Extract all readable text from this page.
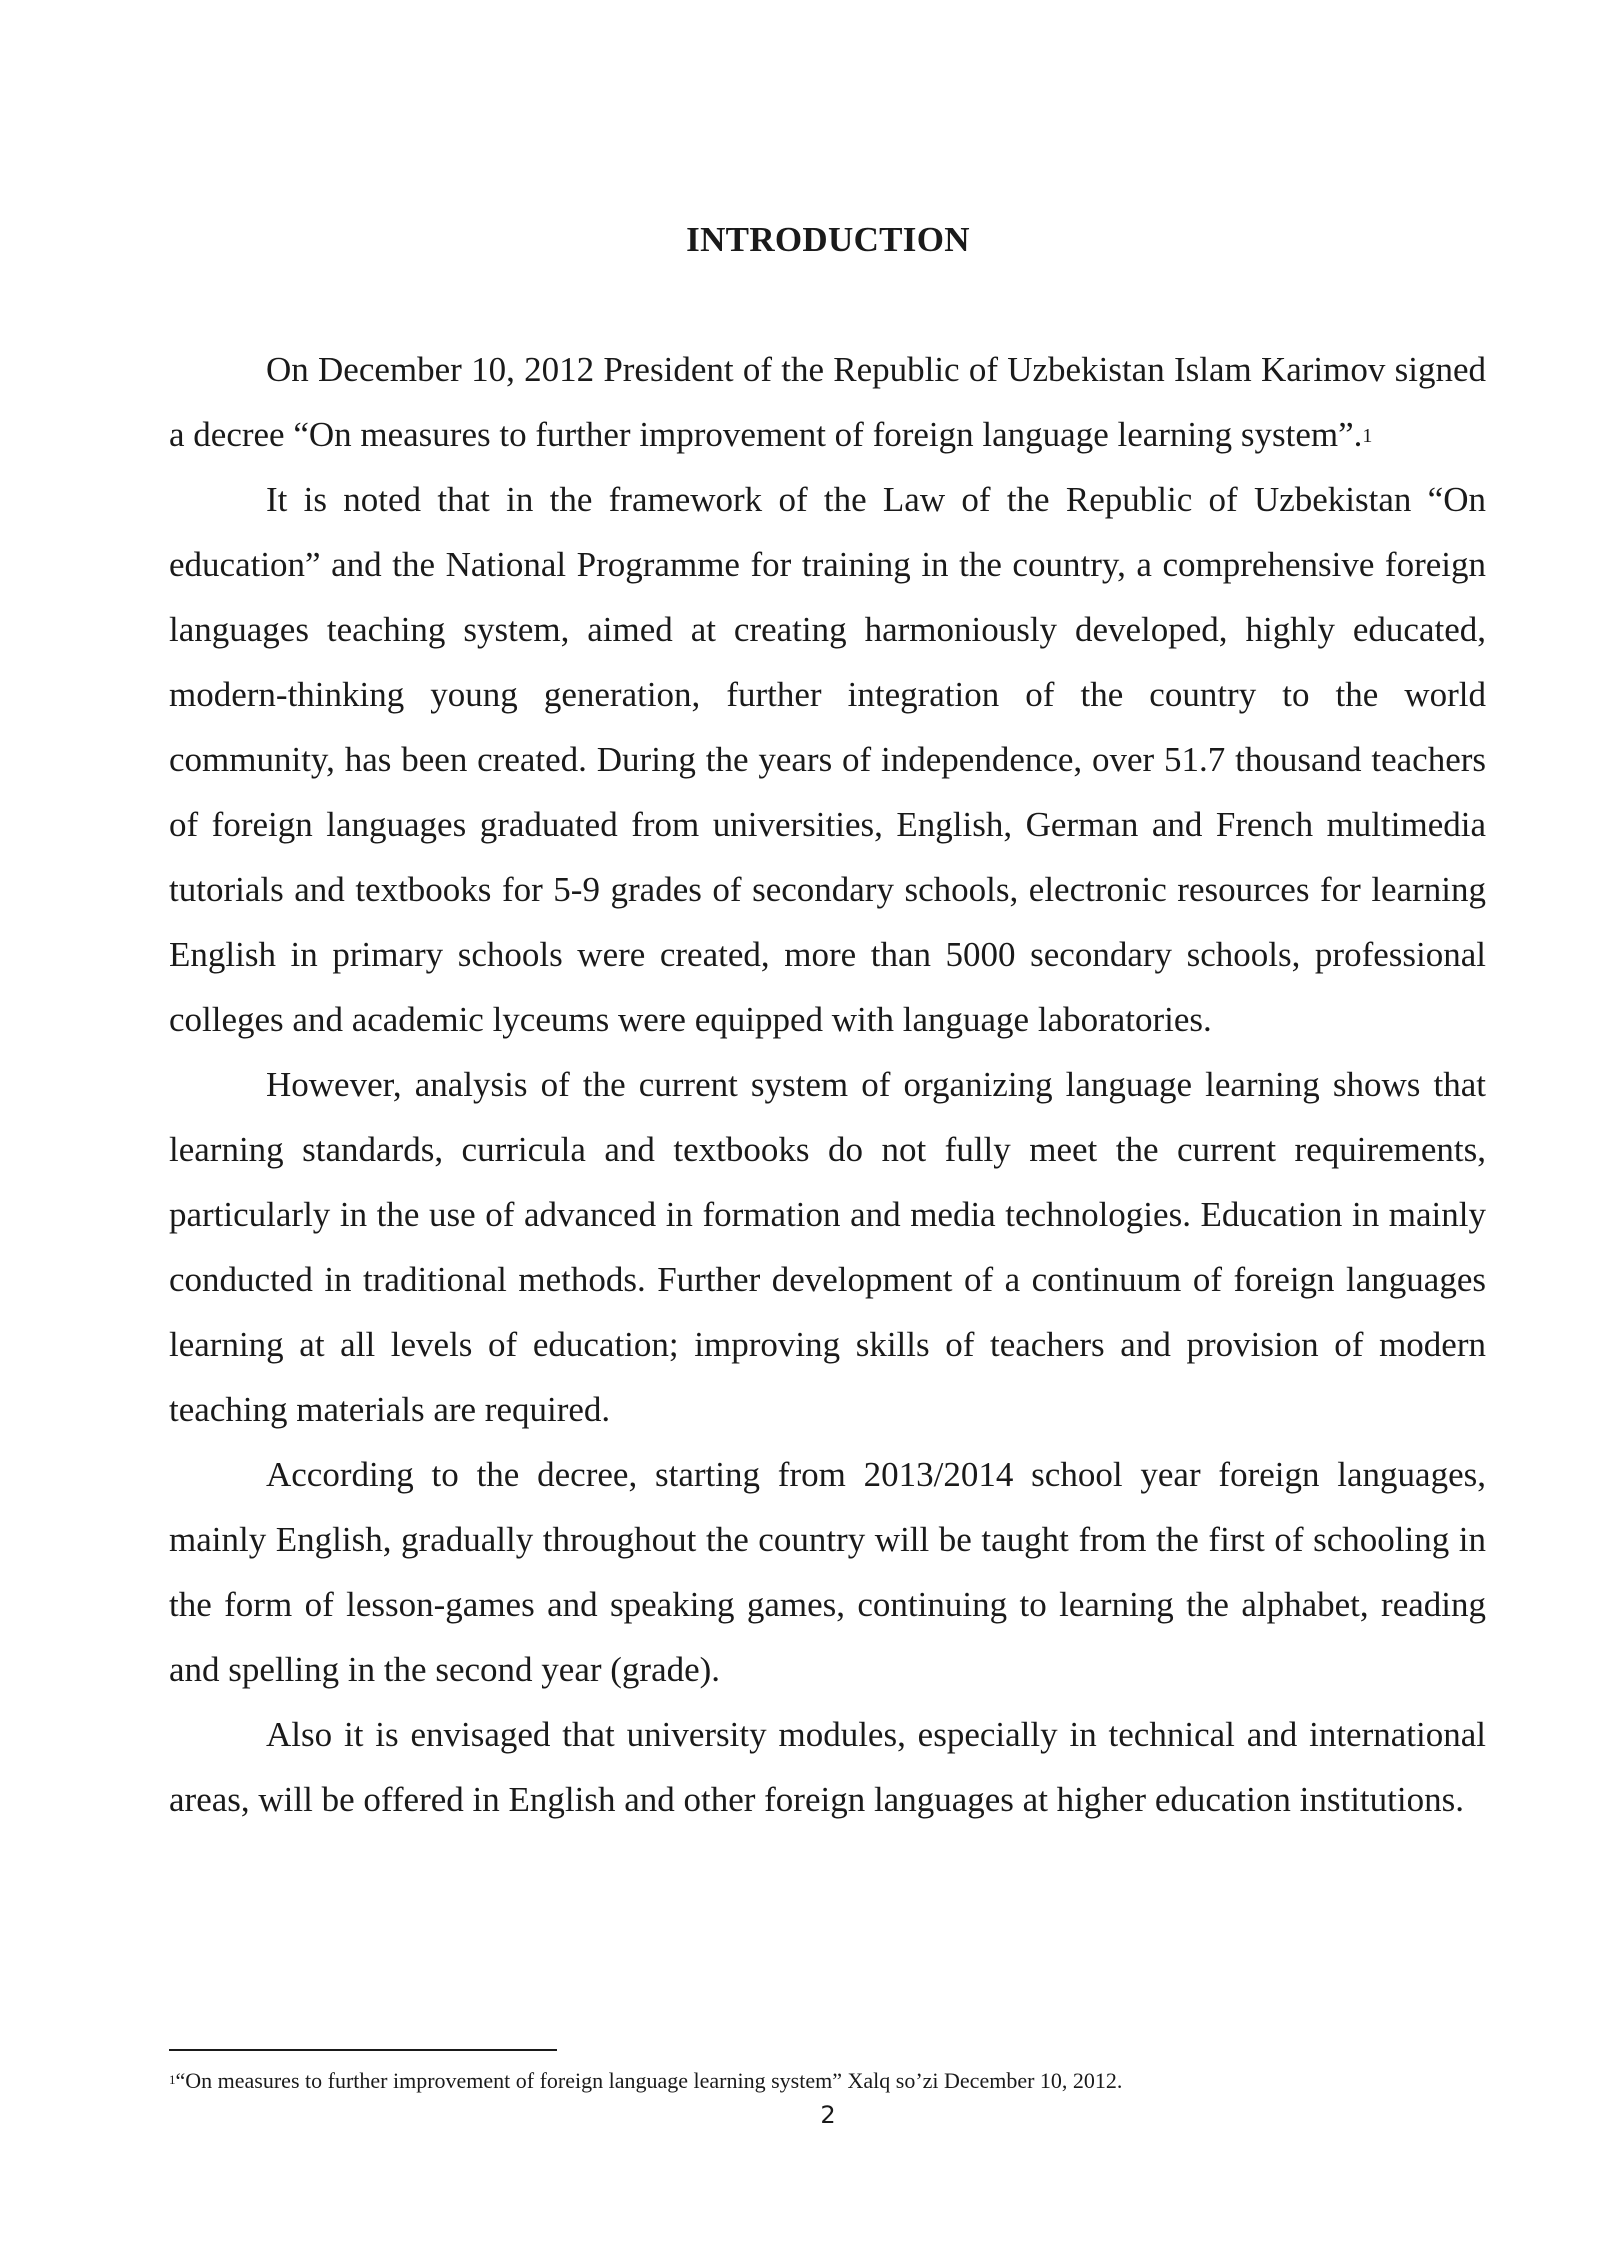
INTRODUCTION

On December 10, 2012 President of the Republic of Uzbekistan Islam Karimov signed a decree “On measures to further improvement of foreign language learning system”.$^1$

It is noted that in the framework of the Law of the Republic of Uzbekistan “On education” and the National Programme for training in the country, a comprehensive foreign languages teaching system, aimed at creating harmoniously developed, highly educated, modern-thinking young generation, further integration of the country to the world community, has been created. During the years of independence, over 51.7 thousand teachers of foreign languages graduated from universities, English, German and French multimedia tutorials and textbooks for 5-9 grades of secondary schools, electronic resources for learning English in primary schools were created, more than 5000 secondary schools, professional colleges and academic lyceums were equipped with language laboratories.

However, analysis of the current system of organizing language learning shows that learning standards, curricula and textbooks do not fully meet the current requirements, particularly in the use of advanced in formation and media technologies. Education in mainly conducted in traditional methods. Further development of a continuum of foreign languages learning at all levels of education; improving skills of teachers and provision of modern teaching materials are required.

According to the decree, starting from 2013/2014 school year foreign languages, mainly English, gradually throughout the country will be taught from the first of schooling in the form of lesson-games and speaking games, continuing to learning the alphabet, reading and spelling in the second year (grade).

Also it is envisaged that university modules, especially in technical and international areas, will be offered in English and other foreign languages at higher education institutions.

$^1$“On measures to further improvement of foreign language learning system” Xalq so’zi December 10, 2012.
2
